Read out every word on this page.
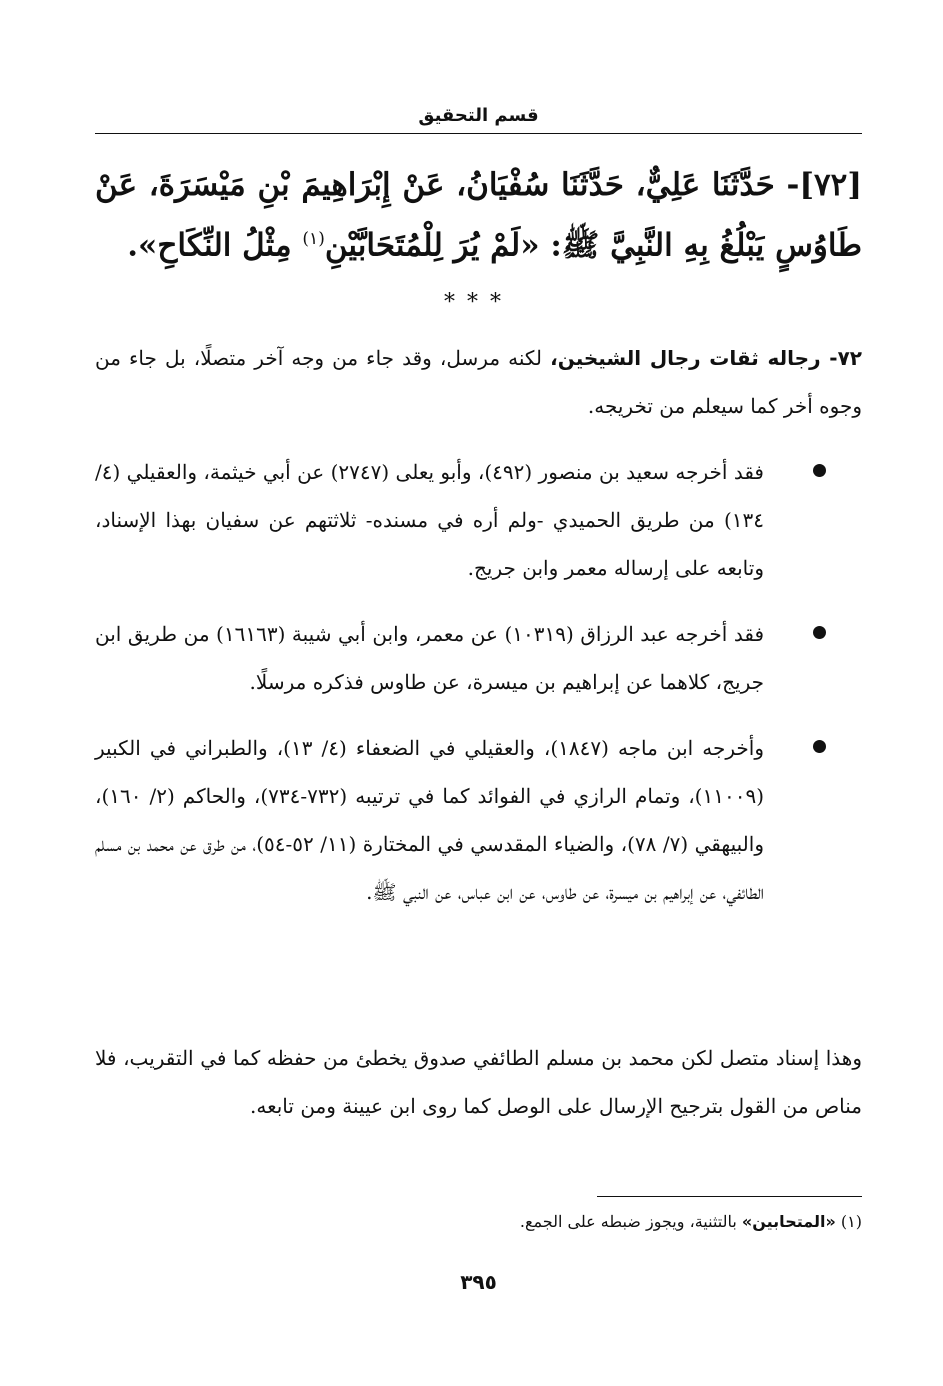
قسم التحقيق
[٧٢]- حَدَّثَنَا عَلِيٌّ، حَدَّثَنَا سُفْيَانُ، عَنْ إِبْرَاهِيمَ بْنِ مَيْسَرَةَ، عَنْ طَاوُسٍ يَبْلُغُ بِهِ النَّبِيَّ ﷺ: «لَمْ يُرَ لِلْمُتَحَابَّيْنِ$^{(١)}$ مِثْلُ النِّكَاحِ».
***
٧٢- رجاله ثقات رجال الشيخين، لكنه مرسل، وقد جاء من وجه آخر متصلًا، بل جاء من وجوه أخر كما سيعلم من تخريجه.
فقد أخرجه سعيد بن منصور (٤٩٢)، وأبو يعلى (٢٧٤٧) عن أبي خيثمة، والعقيلي (٤/ ١٣٤) من طريق الحميدي -ولم أره في مسنده- ثلاثتهم عن سفيان بهذا الإسناد، وتابعه على إرساله معمر وابن جريج.
فقد أخرجه عبد الرزاق (١٠٣١٩) عن معمر، وابن أبي شيبة (١٦١٦٣) من طريق ابن جريج، كلاهما عن إبراهيم بن ميسرة، عن طاوس فذكره مرسلًا.
وأخرجه ابن ماجه (١٨٤٧)، والعقيلي في الضعفاء (٤/ ١٣)، والطبراني في الكبير (١١٠٠٩)، وتمام الرازي في الفوائد كما في ترتيبه (٧٣٢-٧٣٤)، والحاكم (٢/ ١٦٠)، والبيهقي (٧/ ٧٨)، والضياء المقدسي في المختارة (١١/ ٥٢-٥٤)، من طرق عن محمد بن مسلم الطائفي، عن إبراهيم بن ميسرة، عن طاوس، عن ابن عباس، عن النبي ﷺ.
وهذا إسناد متصل لكن محمد بن مسلم الطائفي صدوق يخطئ من حفظه كما في التقريب، فلا مناص من القول بترجيح الإرسال على الوصل كما روى ابن عيينة ومن تابعه.
(١) «المتحابين» بالتثنية، ويجوز ضبطه على الجمع.
٣٩٥
